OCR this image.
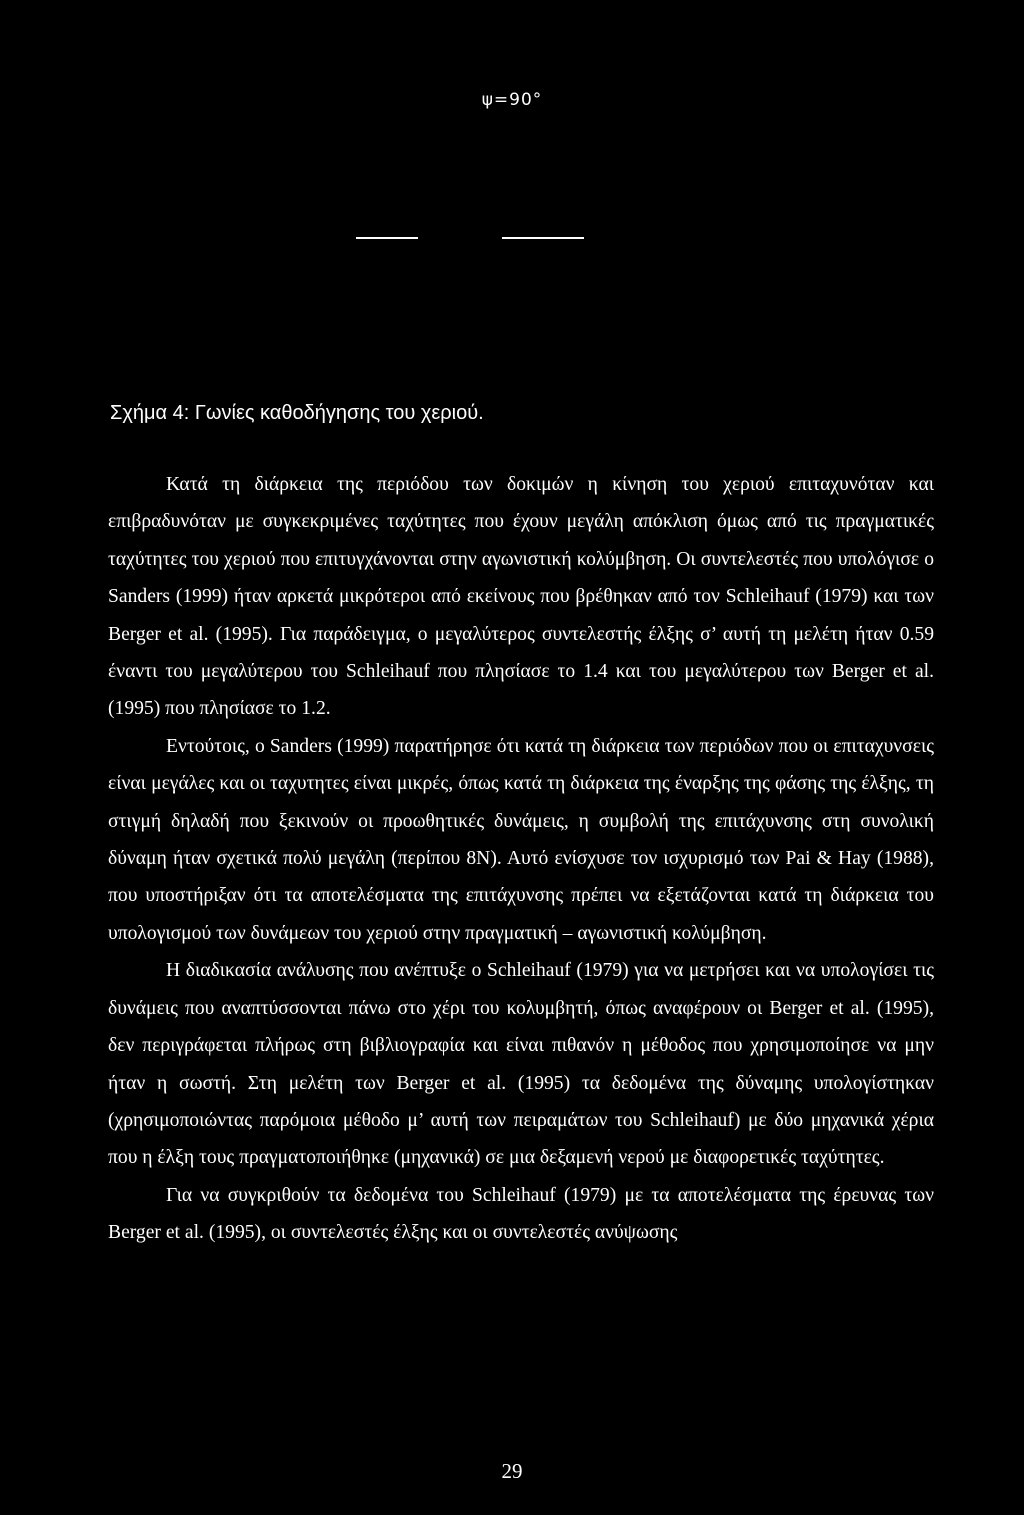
ψ=90°
Σχήμα 4: Γωνίες καθοδήγησης του χεριού.

Κατά τη διάρκεια της περιόδου των δοκιμών η κίνηση του χεριού επιταχυνόταν και επιβραδυνόταν με συγκεκριμένες ταχύτητες που έχουν μεγάλη απόκλιση όμως από τις πραγματικές ταχύτητες του χεριού που επιτυγχάνονται στην αγωνιστική κολύμβηση. Οι συντελεστές που υπολόγισε ο Sanders (1999) ήταν αρκετά μικρότεροι από εκείνους που βρέθηκαν από τον Schleihauf (1979) και των Berger et al. (1995). Για παράδειγμα, ο μεγαλύτερος συντελεστής έλξης σ’ αυτή τη μελέτη ήταν 0.59 έναντι του μεγαλύτερου του Schleihauf που πλησίασε το 1.4 και του μεγαλύτερου των Berger et al. (1995) που πλησίασε το 1.2.

Εντούτοις, ο Sanders (1999) παρατήρησε ότι κατά τη διάρκεια των περιόδων που οι επιταχυνσεις είναι μεγάλες και οι ταχυτητες είναι μικρές, όπως κατά τη διάρκεια της έναρξης της φάσης της έλξης, τη στιγμή δηλαδή που ξεκινούν οι προωθητικές δυνάμεις, η συμβολή της επιτάχυνσης στη συνολική δύναμη ήταν σχετικά πολύ μεγάλη (περίπου 8N). Αυτό ενίσχυσε τον ισχυρισμό των Pai & Hay (1988), που υποστήριξαν ότι τα αποτελέσματα της επιτάχυνσης πρέπει να εξετάζονται κατά τη διάρκεια του υπολογισμού των δυνάμεων του χεριού στην πραγματική – αγωνιστική κολύμβηση.

Η διαδικασία ανάλυσης που ανέπτυξε ο Schleihauf (1979) για να μετρήσει και να υπολογίσει τις δυνάμεις που αναπτύσσονται πάνω στο χέρι του κολυμβητή, όπως αναφέρουν οι Berger et al. (1995), δεν περιγράφεται πλήρως στη βιβλιογραφία και είναι πιθανόν η μέθοδος που χρησιμοποίησε να μην ήταν η σωστή. Στη μελέτη των Berger et al. (1995) τα δεδομένα της δύναμης υπολογίστηκαν (χρησιμοποιώντας παρόμοια μέθοδο μ’ αυτή των πειραμάτων του Schleihauf) με δύο μηχανικά χέρια που η έλξη τους πραγματοποιήθηκε (μηχανικά) σε μια δεξαμενή νερού με διαφορετικές ταχύτητες.

Για να συγκριθούν τα δεδομένα του Schleihauf (1979) με τα αποτελέσματα της έρευνας των Berger et al. (1995), οι συντελεστές έλξης και οι συντελεστές ανύψωσης

29
